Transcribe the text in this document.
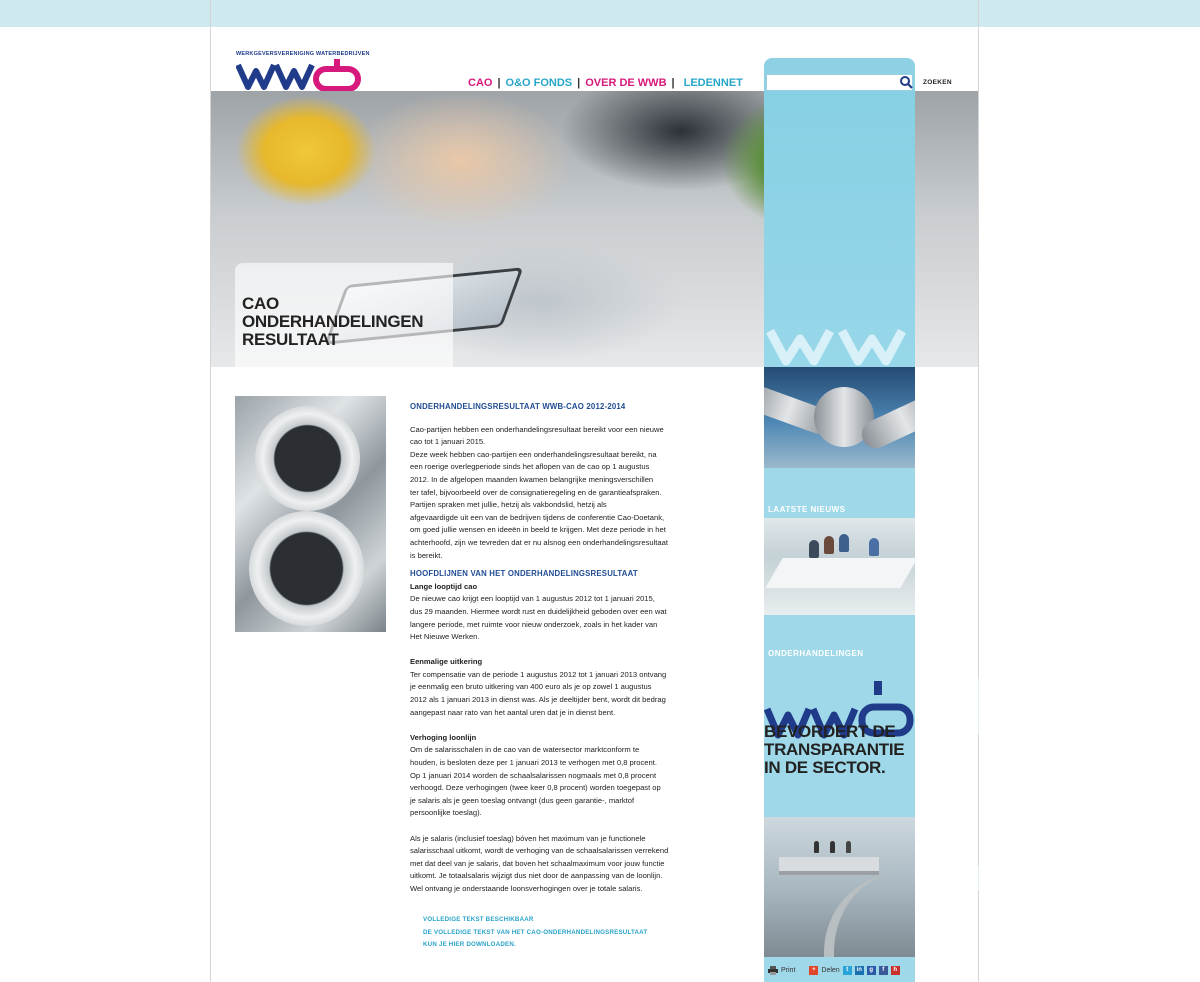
WERKGEVERSVERENIGING WATERBEDRIJVEN
CAO | O&O FONDS | OVER DE WWB | LEDENNET
CAO
ONDERHANDELINGEN
RESULTAAT
ZOEKEN
LAATSTE NIEUWS
ONDERHANDELINGEN
BEVORDERT DE
TRANSPARANTIE
IN DE SECTOR.
ONDERHANDELINGSRESULTAAT WWB-CAO 2012-2014

Cao-partijen hebben een onderhandelingsresultaat bereikt voor een nieuwe

cao tot 1 januari 2015.

Deze week hebben cao-partijen een onderhandelingsresultaat bereikt, na

een roerige overlegperiode sinds het aflopen van de cao op 1 augustus

2012. In de afgelopen maanden kwamen belangrijke meningsverschillen

ter tafel, bijvoorbeeld over de consignatieregeling en de garantieafspraken.

Partijen spraken met jullie, hetzij als vakbondslid, hetzij als

afgevaardigde uit een van de bedrijven tijdens de conferentie Cao-Doetank,

om goed jullie wensen en ideeën in beeld te krijgen. Met deze periode in het

achterhoofd, zijn we tevreden dat er nu alsnog een onderhandelingsresultaat

is bereikt.

HOOFDLIJNEN VAN HET ONDERHANDELINGSRESULTAAT
Lange looptijd cao

De nieuwe cao krijgt een looptijd van 1 augustus 2012 tot 1 januari 2015,

dus 29 maanden. Hiermee wordt rust en duidelijkheid geboden over een wat

langere periode, met ruimte voor nieuw onderzoek, zoals in het kader van

Het Nieuwe Werken.

Eenmalige uitkering

Ter compensatie van de periode 1 augustus 2012 tot 1 januari 2013 ontvang

je eenmalig een bruto uitkering van 400 euro als je op zowel 1 augustus

2012 als 1 januari 2013 in dienst was. Als je deeltijder bent, wordt dit bedrag

aangepast naar rato van het aantal uren dat je in dienst bent.

Verhoging loonlijn

Om de salarisschalen in de cao van de watersector marktconform te

houden, is besloten deze per 1 januari 2013 te verhogen met 0,8 procent.

Op 1 januari 2014 worden de schaalsalarissen nogmaals met 0,8 procent

verhoogd. Deze verhogingen (twee keer 0,8 procent) worden toegepast op

je salaris als je geen toeslag ontvangt (dus geen garantie-, marktof

persoonlijke toeslag).

Als je salaris (inclusief toeslag) bóven het maximum van je functionele

salarisschaal uitkomt, wordt de verhoging van de schaalsalarissen verrekend

met dat deel van je salaris, dat boven het schaalmaximum voor jouw functie

uitkomt. Je totaalsalaris wijzigt dus niet door de aanpassing van de loonlijn.

Wel ontvang je onderstaande loonsverhogingen over je totale salaris.

VOLLEDIGE TEKST BESCHIKBAAR
DE VOLLEDIGE TEKST VAN HET CAO-ONDERHANDELINGSRESULTAAT
KUN JE HIER DOWNLOADEN.
Print	+ Delen	t	in	g	f	h
